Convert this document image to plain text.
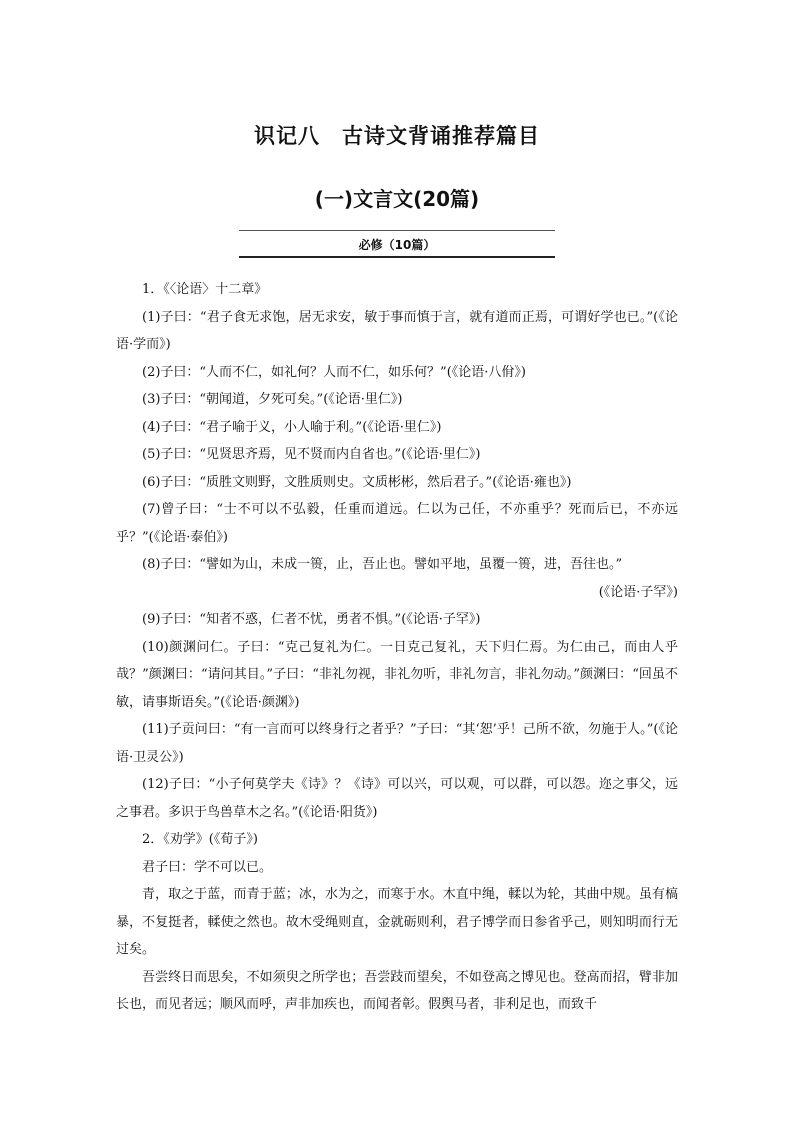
识记八　古诗文背诵推荐篇目
(一)文言文(20篇)
必修（10篇）

1．《〈论语〉十二章》

(1)子曰：“君子食无求饱，居无求安，敏于事而慎于言，就有道而正焉，可谓好学也已。”(《论语·学而》)

(2)子曰：“人而不仁，如礼何？人而不仁，如乐何？”(《论语·八佾》)

(3)子曰：“朝闻道，夕死可矣。”(《论语·里仁》)

(4)子曰：“君子喻于义，小人喻于利。”(《论语·里仁》)

(5)子曰：“见贤思齐焉，见不贤而内自省也。”(《论语·里仁》)

(6)子曰：“质胜文则野，文胜质则史。文质彬彬，然后君子。”(《论语·雍也》)

(7)曾子曰：“士不可以不弘毅，任重而道远。仁以为己任，不亦重乎？死而后已，不亦远乎？”(《论语·泰伯》)

(8)子曰：“譬如为山，未成一篑，止，吾止也。譬如平地，虽覆一篑，进，吾往也。”

(《论语·子罕》)

(9)子曰：“知者不惑，仁者不忧，勇者不惧。”(《论语·子罕》)

(10)颜渊问仁。子曰：“克己复礼为仁。一日克己复礼，天下归仁焉。为仁由己，而由人乎哉？”颜渊曰：“请问其目。”子曰：“非礼勿视，非礼勿听，非礼勿言，非礼勿动。”颜渊曰：“回虽不敏，请事斯语矣。”(《论语·颜渊》)

(11)子贡问曰：“有一言而可以终身行之者乎？”子曰：“其‘恕’乎！己所不欲，勿施于人。”(《论语·卫灵公》)

(12)子曰：“小子何莫学夫《诗》？《诗》可以兴，可以观，可以群，可以怨。迩之事父，远之事君。多识于鸟兽草木之名。”(《论语·阳货》)

2．《劝学》(《荀子》)

君子曰：学不可以已。

青，取之于蓝，而青于蓝；冰，水为之，而寒于水。木直中绳，輮以为轮，其曲中规。虽有槁暴，不复挺者，輮使之然也。故木受绳则直，金就砺则利，君子博学而日参省乎己，则知明而行无过矣。

吾尝终日而思矣，不如须臾之所学也；吾尝跂而望矣，不如登高之博见也。登高而招，臂非加长也，而见者远；顺风而呼，声非加疾也，而闻者彰。假舆马者，非利足也，而致千
